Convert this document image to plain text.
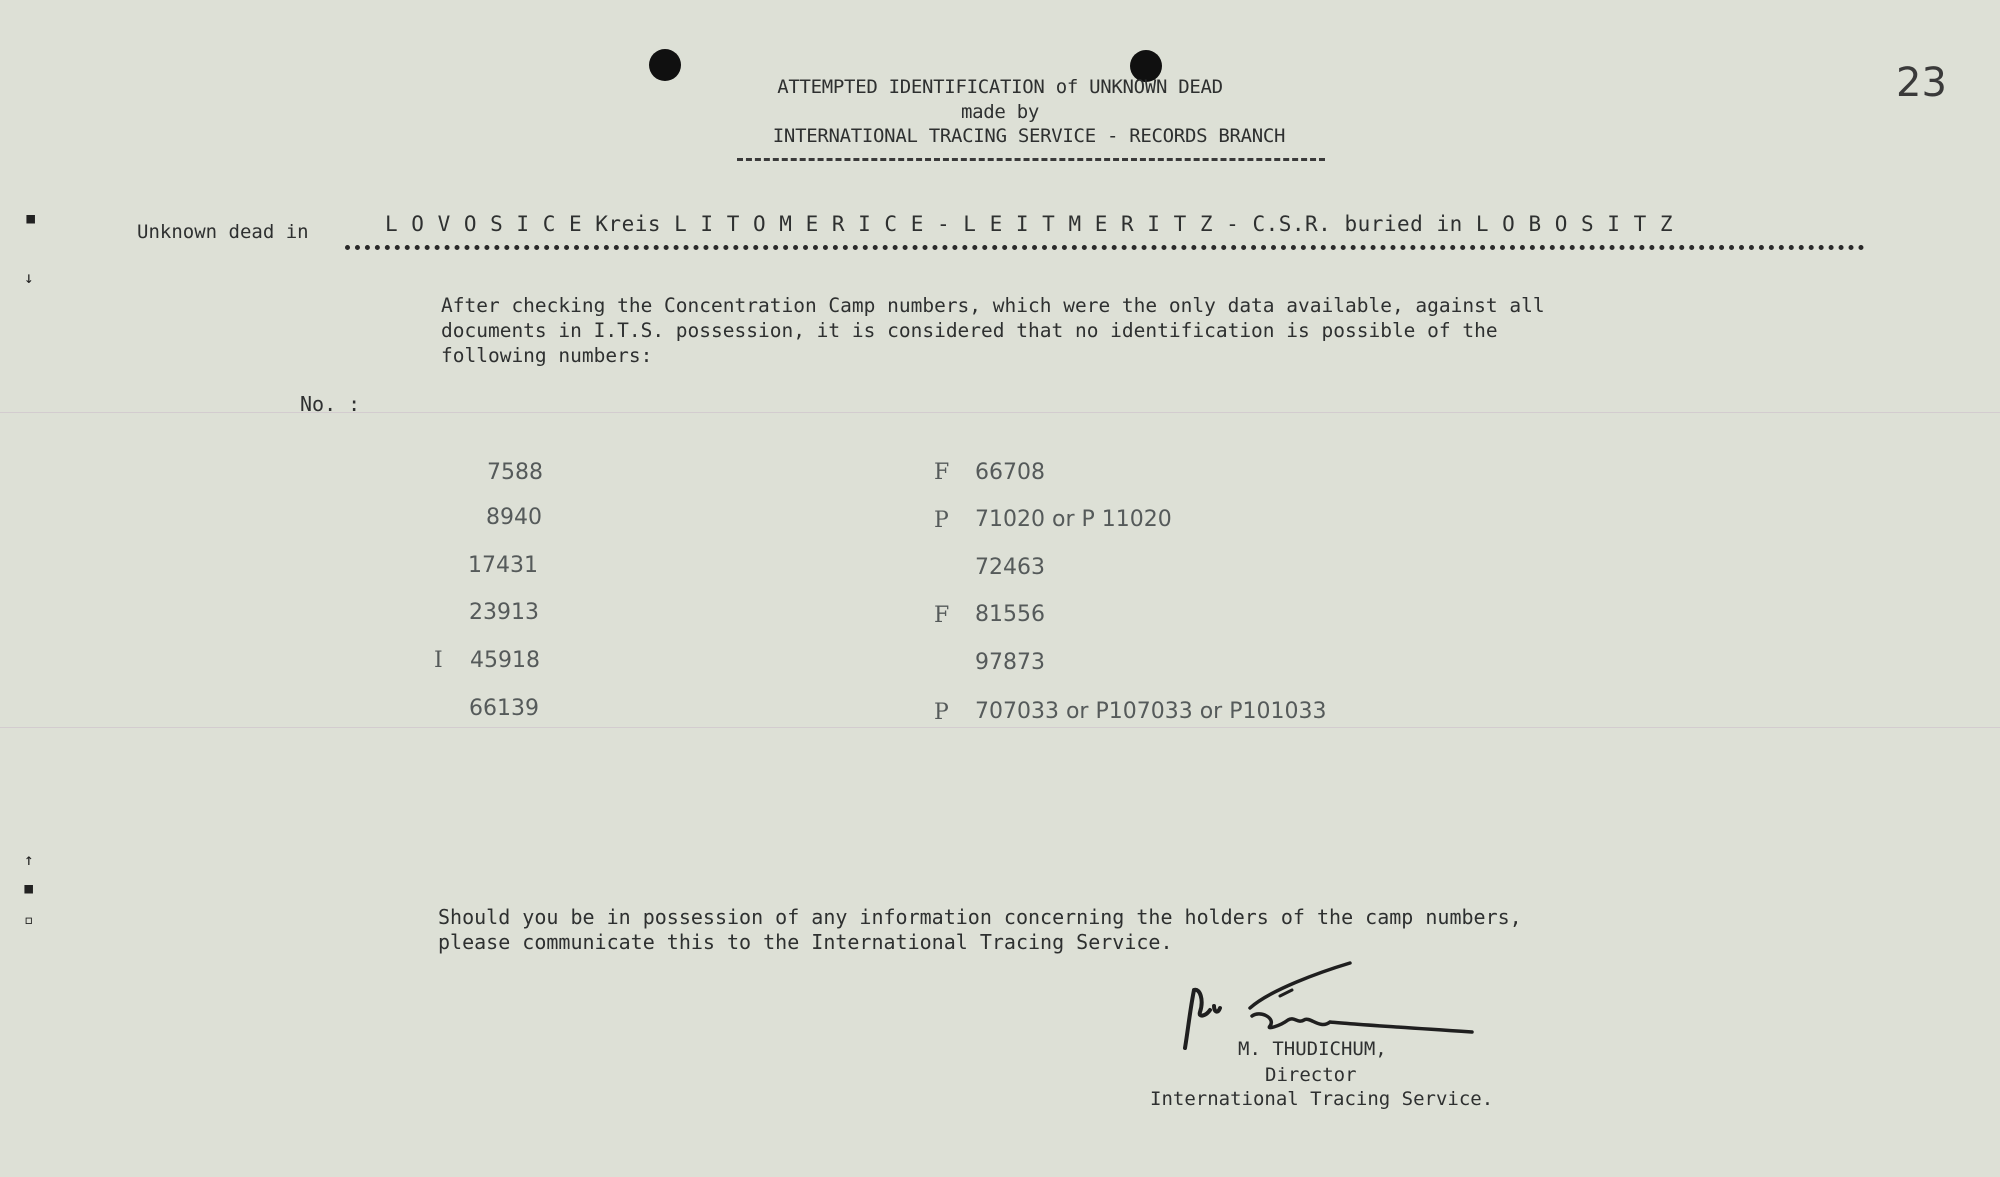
23
ATTEMPTED IDENTIFICATION of UNKNOWN DEAD
made by
INTERNATIONAL TRACING SERVICE - RECORDS BRANCH
Unknown dead in	L O V O S I C E Kreis L I T O M E R I C E - L E I T M E R I T Z - C.S.R. buried in L O B O S I T Z
After checking the Concentration Camp numbers, which were the only data available, against all
documents in I.T.S. possession, it is considered that no identification is possible of the
following numbers:
No. :
7588
8940
17431
23913
I	45918
66139
F 66708
P 71020 or P 11020
72463
F 81556
97873
P 707033 or P107033 or P101033
Should you be in possession of any information concerning the holders of the camp numbers,
please communicate this to the International Tracing Service.
M. THUDICHUM,
Director
International Tracing Service.
▪
↓
↑
▪
▫
